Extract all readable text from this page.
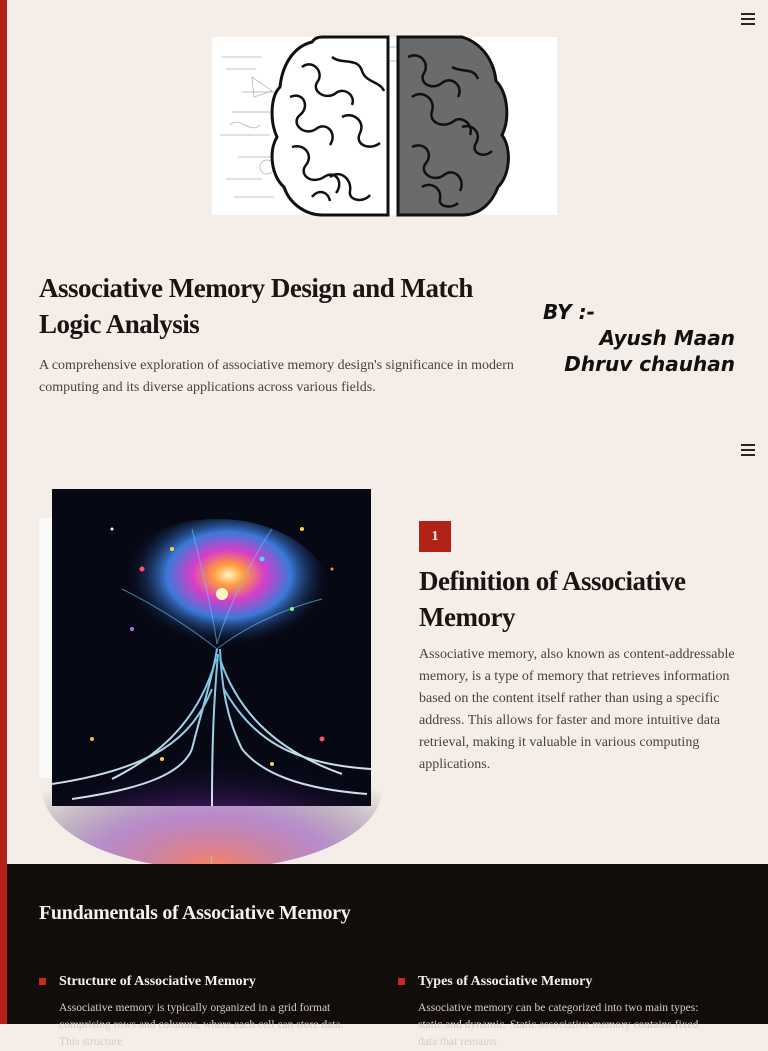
Associative Memory Design and Match Logic Analysis

A comprehensive exploration of associative memory design's significance in modern computing and its diverse applications across various fields.

BY :-
Ayush Maan
Dhruv chauhan
1
Definition of Associative Memory

Associative memory, also known as content-addressable memory, is a type of memory that retrieves information based on the content itself rather than using a specific address. This allows for faster and more intuitive data retrieval, making it valuable in various computing applications.

Fundamentals of Associative Memory
Structure of Associative Memory

Associative memory is typically organized in a grid format comprising rows and columns, where each cell can store data. This structure

Types of Associative Memory

Associative memory can be categorized into two main types: static and dynamic. Static associative memory contains fixed data that remains
